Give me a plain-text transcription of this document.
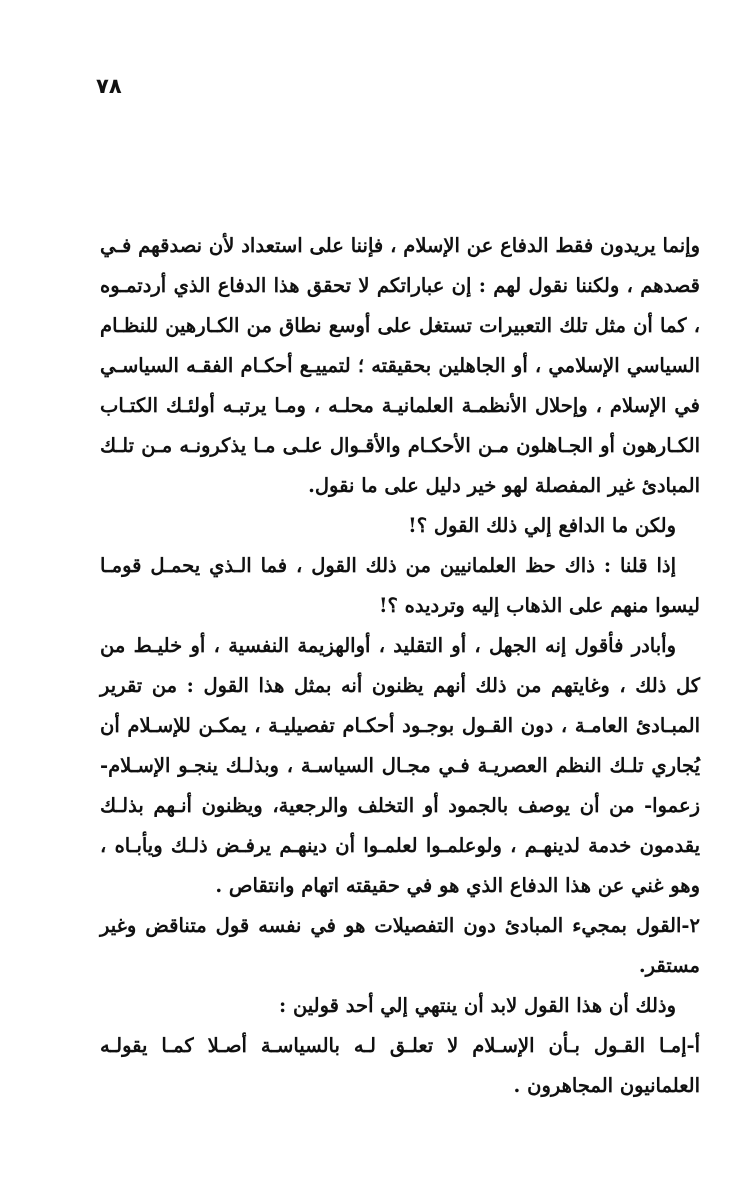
٧٨

وإنما يريدون فقط الدفاع عن الإسلام ، فإننا على استعداد لأن نصدقهم فـي قصدهم ، ولكننا نقول لهم : إن عباراتكم لا تحقق هذا الدفاع الذي أردتمـوه ، كما أن مثل تلك التعبيرات تستغل على أوسع نطاق من الكـارهين للنظـام السياسي الإسلامي ، أو الجاهلين بحقيقته ؛ لتمييـع أحكـام الفقـه السياسـي في الإسلام ، وإحلال الأنظمـة العلمانيـة محلـه ، ومـا يرتبـه أولئـك الكتـاب الكـارهون أو الجـاهلون مـن الأحكـام والأقـوال علـى مـا يذكرونـه مـن تلـك المبادئ غير المفصلة لهو خير دليل على ما نقول.

ولكن ما الدافع إلي ذلك القول ؟!

إذا قلنا : ذاك حظ العلمانيين من ذلك القول ، فما الـذي يحمـل قومـا ليسوا منهم على الذهاب إليه وترديده ؟!

وأبادر فأقول إنه الجهل ، أو التقليد ، أوالهزيمة النفسية ، أو خليـط من كل ذلك ، وغايتهم من ذلك أنهم يظنون أنه بمثل هذا القول : من تقرير المبـادئ العامـة ، دون القـول بوجـود أحكـام تفصيليـة ، يمكـن للإسـلام أن يُجاري تلـك النظم العصريـة فـي مجـال السياسـة ، وبذلـك ينجـو الإسـلام- زعموا- من أن يوصف بالجمود أو التخلف والرجعية، ويظنون أنـهم بذلـك يقدمون خدمة لدينهـم ، ولوعلمـوا لعلمـوا أن دينهـم يرفـض ذلـك ويأبـاه ، وهو غني عن هذا الدفاع الذي هو في حقيقته اتهام وانتقاص .

٢-القول بمجيء المبادئ دون التفصيلات هو في نفسه قول متناقض وغير مستقر.

وذلك أن هذا القول لابد أن ينتهي إلي أحد قولين :

أ-إمـا القـول بـأن الإسـلام لا تعلـق لـه بالسياسـة أصـلا كمـا يقولـه العلمانيون المجاهرون .
